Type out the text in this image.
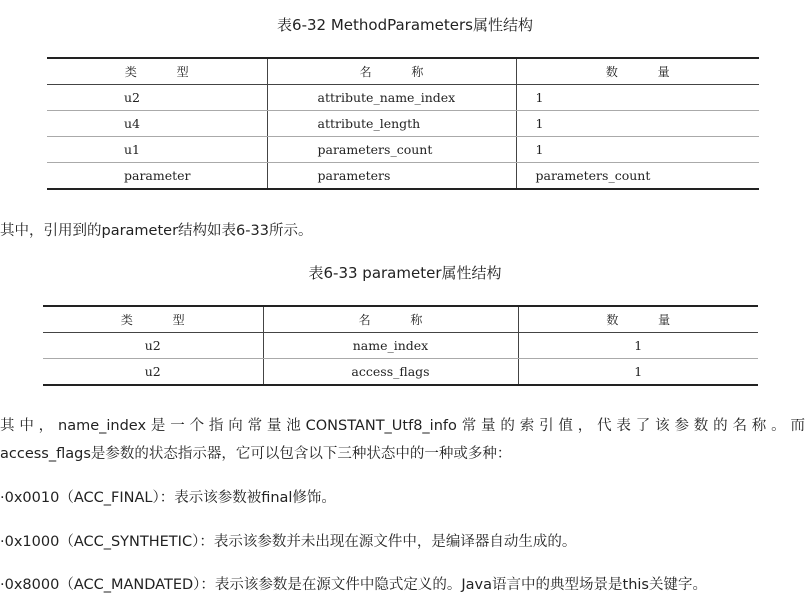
表6-32 MethodParameters属性结构
类 型	名 称	数 量
u2	attribute_name_index	1
u4	attribute_length	1
u1	parameters_count	1
parameter	parameters	parameters_count
其中，引用到的parameter结构如表6-33所示。
表6-33 parameter属性结构
类 型	名 称	数 量
u2	name_index	1
u2	access_flags	1
其中，name_index是一个指向常量池CONSTANT_Utf8_info常量的索引值，代表了该参数的名称。而
access_flags是参数的状态指示器，它可以包含以下三种状态中的一种或多种：
·0x0010（ACC_FINAL）：表示该参数被final修饰。
·0x1000（ACC_SYNTHETIC）：表示该参数并未出现在源文件中，是编译器自动生成的。
·0x8000（ACC_MANDATED）：表示该参数是在源文件中隐式定义的。Java语言中的典型场景是this关键字。
